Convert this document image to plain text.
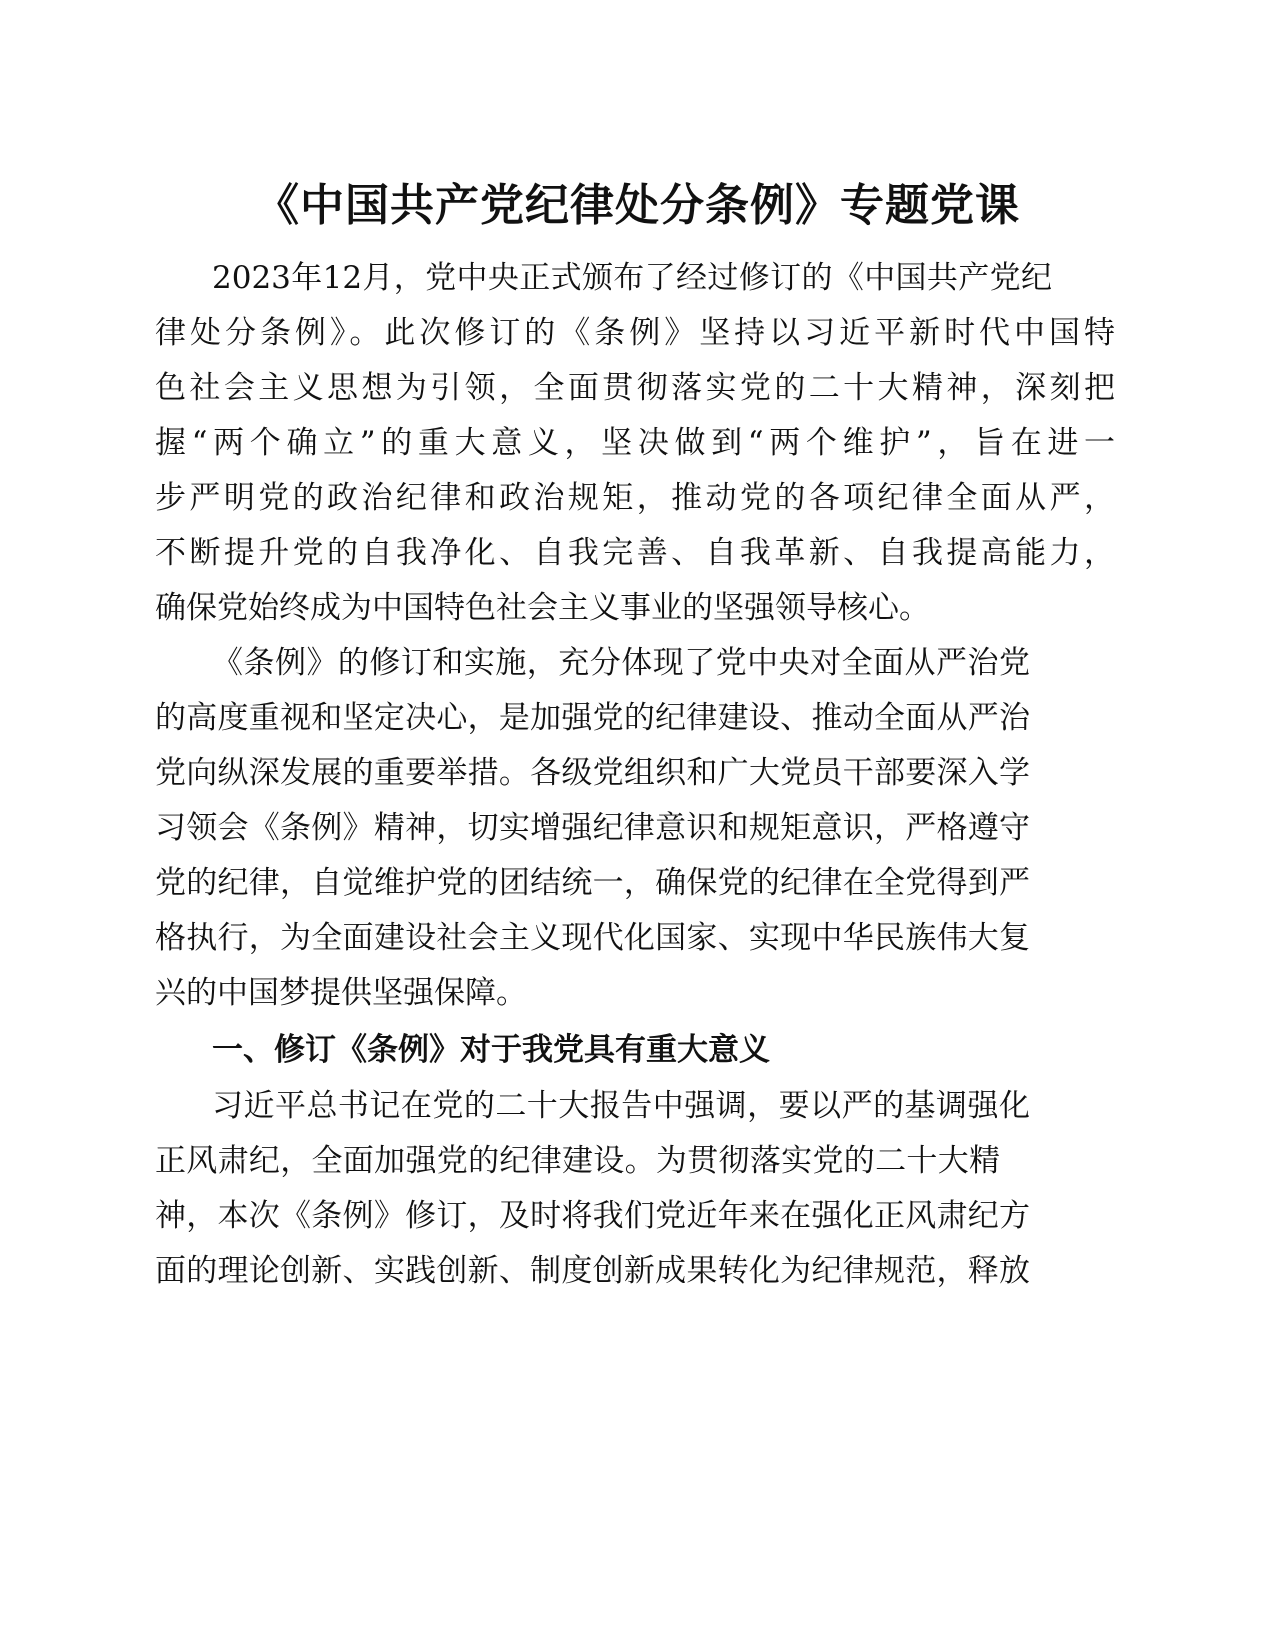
《中国共产党纪律处分条例》专题党课
2023年12月，党中央正式颁布了经过修订的《中国共产党纪
律处分条例》。此次修订的《条例》坚持以习近平新时代中国特
色社会主义思想为引领，全面贯彻落实党的二十大精神，深刻把
握“两个确立”的重大意义，坚决做到“两个维护”，旨在进一
步严明党的政治纪律和政治规矩，推动党的各项纪律全面从严，
不断提升党的自我净化、自我完善、自我革新、自我提高能力，
确保党始终成为中国特色社会主义事业的坚强领导核心。
《条例》的修订和实施，充分体现了党中央对全面从严治党
的高度重视和坚定决心，是加强党的纪律建设、推动全面从严治
党向纵深发展的重要举措。各级党组织和广大党员干部要深入学
习领会《条例》精神，切实增强纪律意识和规矩意识，严格遵守
党的纪律，自觉维护党的团结统一，确保党的纪律在全党得到严
格执行，为全面建设社会主义现代化国家、实现中华民族伟大复
兴的中国梦提供坚强保障。
一、修订《条例》对于我党具有重大意义
习近平总书记在党的二十大报告中强调，要以严的基调强化
正风肃纪，全面加强党的纪律建设。为贯彻落实党的二十大精
神，本次《条例》修订，及时将我们党近年来在强化正风肃纪方
面的理论创新、实践创新、制度创新成果转化为纪律规范，释放
